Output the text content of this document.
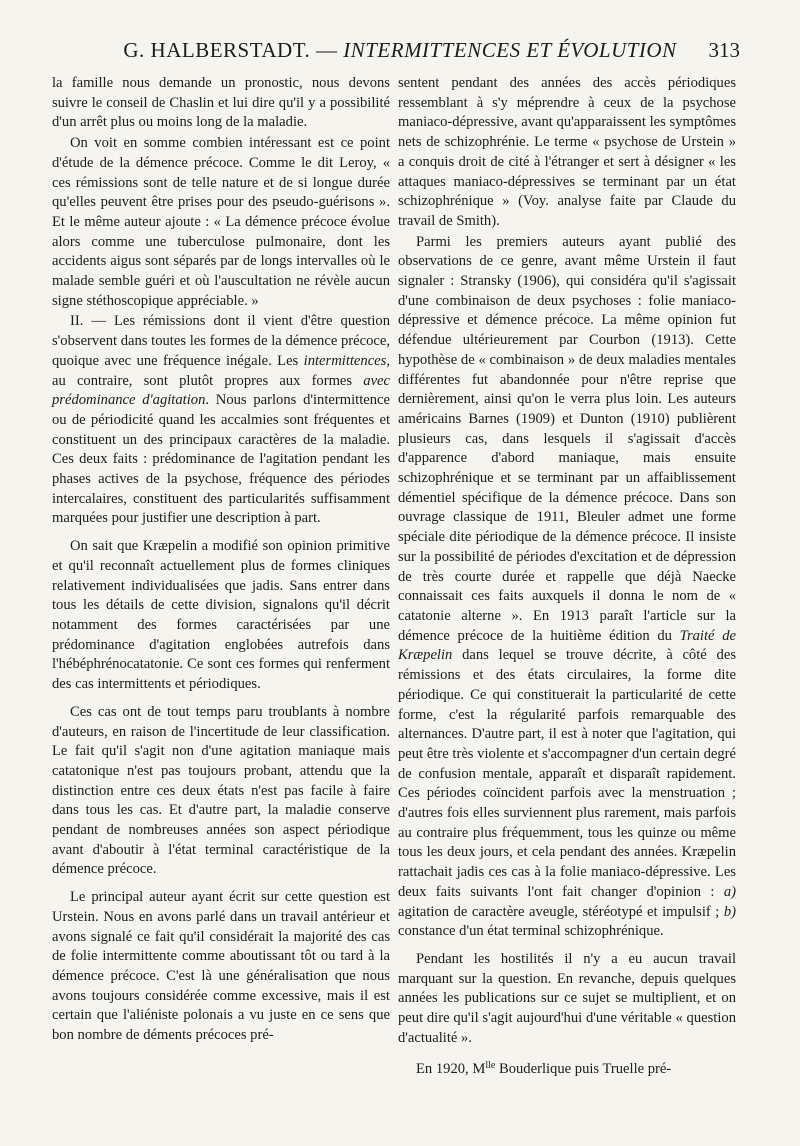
G. HALBERSTADT. — INTERMITTENCES ET ÉVOLUTION	313

la famille nous demande un pronostic, nous devons suivre le conseil de Chaslin et lui dire qu'il y a possibilité d'un arrêt plus ou moins long de la maladie.

On voit en somme combien intéressant est ce point d'étude de la démence précoce. Comme le dit Leroy, « ces rémissions sont de telle nature et de si longue durée qu'elles peuvent être prises pour des pseudo-guérisons ». Et le même auteur ajoute : « La démence précoce évolue alors comme une tuberculose pulmonaire, dont les accidents aigus sont séparés par de longs intervalles où le malade semble guéri et où l'auscultation ne révèle aucun signe stéthoscopique appréciable. »

II. — Les rémissions dont il vient d'être question s'observent dans toutes les formes de la démence précoce, quoique avec une fréquence inégale. Les intermittences, au contraire, sont plutôt propres aux formes avec prédominance d'agitation. Nous parlons d'intermittence ou de périodicité quand les accalmies sont fréquentes et constituent un des principaux caractères de la maladie. Ces deux faits : prédominance de l'agitation pendant les phases actives de la psychose, fréquence des périodes intercalaires, constituent des particularités suffisamment marquées pour justifier une description à part.

On sait que Kræpelin a modifié son opinion primitive et qu'il reconnaît actuellement plus de formes cliniques relativement individualisées que jadis. Sans entrer dans tous les détails de cette division, signalons qu'il décrit notamment des formes caractérisées par une prédominance d'agitation englobées autrefois dans l'hébéphrénocatatonie. Ce sont ces formes qui renferment des cas intermittents et périodiques.

Ces cas ont de tout temps paru troublants à nombre d'auteurs, en raison de l'incertitude de leur classification. Le fait qu'il s'agit non d'une agitation maniaque mais catatonique n'est pas toujours probant, attendu que la distinction entre ces deux états n'est pas facile à faire dans tous les cas. Et d'autre part, la maladie conserve pendant de nombreuses années son aspect périodique avant d'aboutir à l'état terminal caractéristique de la démence précoce.

Le principal auteur ayant écrit sur cette question est Urstein. Nous en avons parlé dans un travail antérieur et avons signalé ce fait qu'il considérait la majorité des cas de folie intermittente comme aboutissant tôt ou tard à la démence précoce. C'est là une généralisation que nous avons toujours considérée comme excessive, mais il est certain que l'aliéniste polonais a vu juste en ce sens que bon nombre de déments précoces pré-

sentent pendant des années des accès périodiques ressemblant à s'y méprendre à ceux de la psychose maniaco-dépressive, avant qu'apparaissent les symptômes nets de schizophrénie. Le terme « psychose de Urstein » a conquis droit de cité à l'étranger et sert à désigner « les attaques maniaco-dépressives se terminant par un état schizophrénique » (Voy. analyse faite par Claude du travail de Smith).

Parmi les premiers auteurs ayant publié des observations de ce genre, avant même Urstein il faut signaler : Stransky (1906), qui considéra qu'il s'agissait d'une combinaison de deux psychoses : folie maniaco-dépressive et démence précoce. La même opinion fut défendue ultérieurement par Courbon (1913). Cette hypothèse de « combinaison » de deux maladies mentales différentes fut abandonnée pour n'être reprise que dernièrement, ainsi qu'on le verra plus loin. Les auteurs américains Barnes (1909) et Dunton (1910) publièrent plusieurs cas, dans lesquels il s'agissait d'accès d'apparence d'abord maniaque, mais ensuite schizophrénique et se terminant par un affaiblissement démentiel spécifique de la démence précoce. Dans son ouvrage classique de 1911, Bleuler admet une forme spéciale dite périodique de la démence précoce. Il insiste sur la possibilité de périodes d'excitation et de dépression de très courte durée et rappelle que déjà Naecke connaissait ces faits auxquels il donna le nom de « catatonie alterne ». En 1913 paraît l'article sur la démence précoce de la huitième édition du Traité de Kræpelin dans lequel se trouve décrite, à côté des rémissions et des états circulaires, la forme dite périodique. Ce qui constituerait la particularité de cette forme, c'est la régularité parfois remarquable des alternances. D'autre part, il est à noter que l'agitation, qui peut être très violente et s'accompagner d'un certain degré de confusion mentale, apparaît et disparaît rapidement. Ces périodes coïncident parfois avec la menstruation ; d'autres fois elles surviennent plus rarement, mais parfois au contraire plus fréquemment, tous les quinze ou même tous les deux jours, et cela pendant des années. Kræpelin rattachait jadis ces cas à la folie maniaco-dépressive. Les deux faits suivants l'ont fait changer d'opinion : a) agitation de caractère aveugle, stéréotypé et impulsif ; b) constance d'un état terminal schizophrénique.

Pendant les hostilités il n'y a eu aucun travail marquant sur la question. En revanche, depuis quelques années les publications sur ce sujet se multiplient, et on peut dire qu'il s'agit aujourd'hui d'une véritable « question d'actualité ».

En 1920, $M^{lle}$ Bouderlique puis Truelle pré-
